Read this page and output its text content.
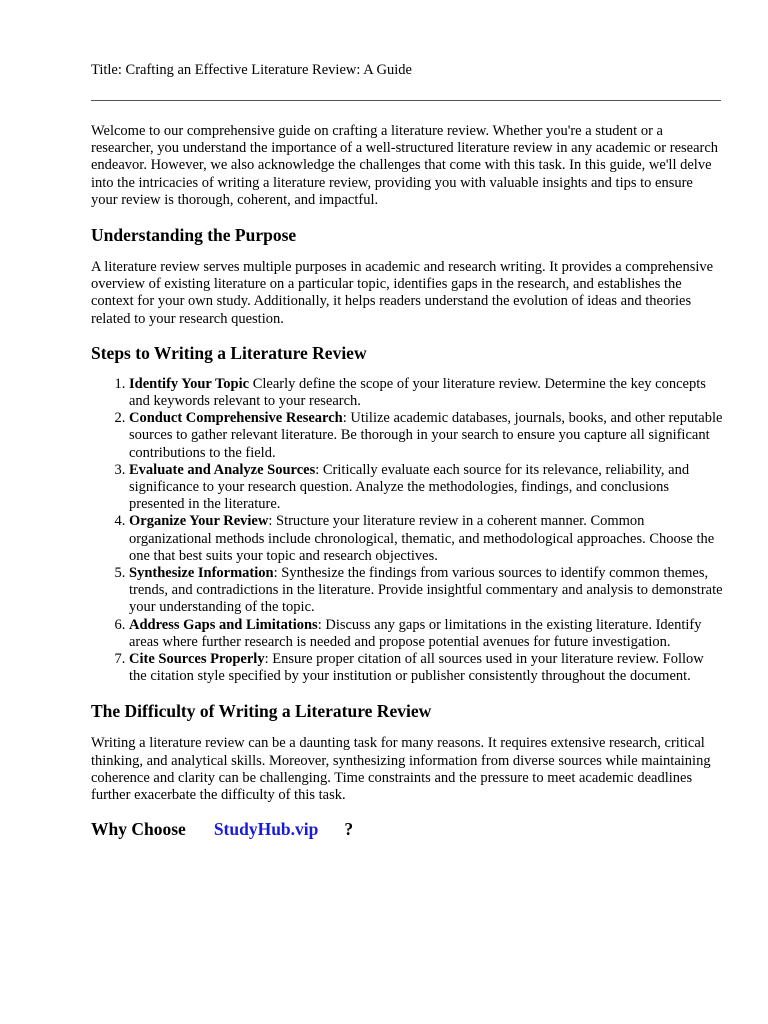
Title: Crafting an Effective Literature Review: A Guide

Welcome to our comprehensive guide on crafting a literature review. Whether you're a student or a researcher, you understand the importance of a well-structured literature review in any academic or research endeavor. However, we also acknowledge the challenges that come with this task. In this guide, we'll delve into the intricacies of writing a literature review, providing you with valuable insights and tips to ensure your review is thorough, coherent, and impactful.

Understanding the Purpose

A literature review serves multiple purposes in academic and research writing. It provides a comprehensive overview of existing literature on a particular topic, identifies gaps in the research, and establishes the context for your own study. Additionally, it helps readers understand the evolution of ideas and theories related to your research question.

Steps to Writing a Literature Review
1. Identify Your Topic Clearly define the scope of your literature review. Determine the key concepts and keywords relevant to your research.
2. Conduct Comprehensive Research: Utilize academic databases, journals, books, and other reputable sources to gather relevant literature. Be thorough in your search to ensure you capture all significant contributions to the field.
3. Evaluate and Analyze Sources: Critically evaluate each source for its relevance, reliability, and significance to your research question. Analyze the methodologies, findings, and conclusions presented in the literature.
4. Organize Your Review: Structure your literature review in a coherent manner. Common organizational methods include chronological, thematic, and methodological approaches. Choose the one that best suits your topic and research objectives.
5. Synthesize Information: Synthesize the findings from various sources to identify common themes, trends, and contradictions in the literature. Provide insightful commentary and analysis to demonstrate your understanding of the topic.
6. Address Gaps and Limitations: Discuss any gaps or limitations in the existing literature. Identify areas where further research is needed and propose potential avenues for future investigation.
7. Cite Sources Properly: Ensure proper citation of all sources used in your literature review. Follow the citation style specified by your institution or publisher consistently throughout the document.
The Difficulty of Writing a Literature Review

Writing a literature review can be a daunting task for many reasons. It requires extensive research, critical thinking, and analytical skills. Moreover, synthesizing information from diverse sources while maintaining coherence and clarity can be challenging. Time constraints and the pressure to meet academic deadlines further exacerbate the difficulty of this task.

Why Choose StudyHub.vip ?
